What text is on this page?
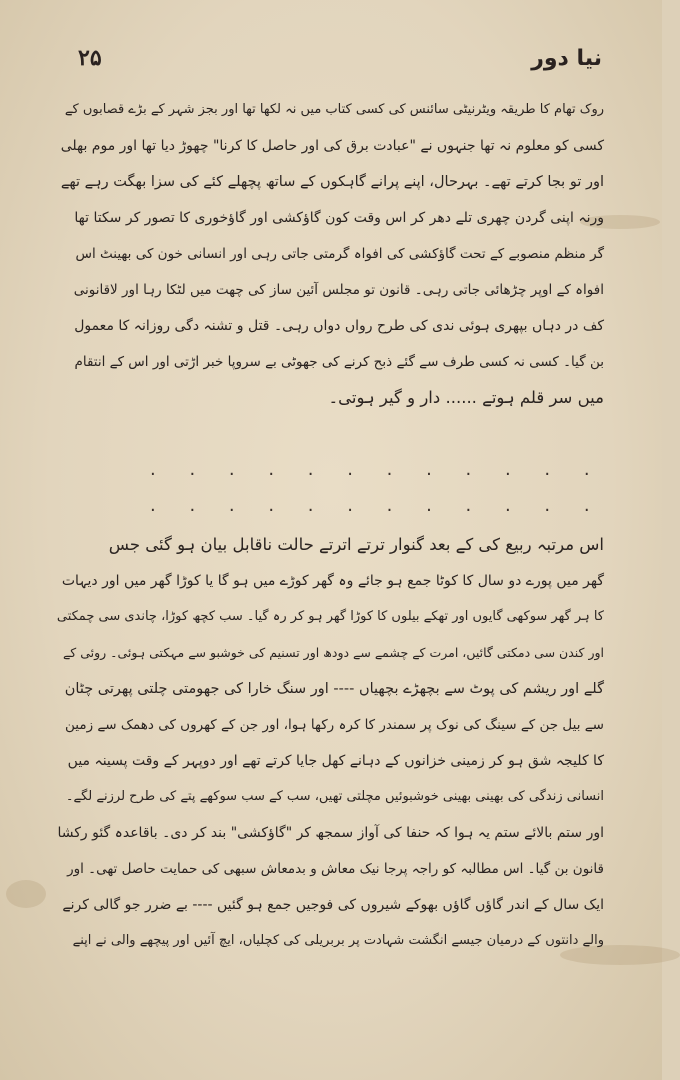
۲۵	نیا دور

روک تھام کا طریقہ ویٹرنیٹی سائنس کی کسی کتاب میں نہ لکھا تھا اور بجز شہر کے بڑے قصابوں کے
کسی کو معلوم نہ تھا جنہوں نے "عبادت برق کی اور حاصل کا کرنا" چھوڑ دیا تھا اور موم بھلی
اور تو بجا کرتے تھے۔ بہرحال، اپنے پرانے گاہکوں کے ساتھ پچھلے کئے کی سزا بھگت رہے تھے
ورنہ اپنی گردن چھری تلے دھر کر اس وقت کون گاؤکشی اور گاؤخوری کا تصور کر سکتا تھا
گر منظم منصوبے کے تحت گاؤکشی کی افواہ گرمتی جاتی رہی اور انسانی خون کی بھینٹ اس
افواہ کے اوپر چڑھائی جاتی رہی۔ قانون تو مجلس آئین ساز کی چھت میں لٹکا رہا اور لاقانونی
کف در دہاں بپھری ہوئی ندی کی طرح رواں دواں رہی۔ قتل و تشنہ دگی روزانہ کا معمول
بن گیا۔ کسی نہ کسی طرف سے گئے ذبح کرنے کی جھوٹی بے سروپا خبر اڑتی اور اس کے انتقام
میں سر قلم ہوتے ...... دار و گیر ہوتی۔

. . . . . . . . . . . .
. . . . . . . . . . . .

اس مرتبہ ربیع کی کے بعد گنوار ترتے اترتے حالت ناقابل بیان ہو گئی جس
گھر میں پورے دو سال کا کوٹا جمع ہو جائے وہ گھر کوڑے میں ہو گا یا کوڑا گھر میں اور دیہات
کا ہر گھر سوکھی گایوں اور تھکے بیلوں کا کوڑا گھر ہو کر رہ گیا۔ سب کچھ کوڑا، چاندی سی چمکتی
اور کندن سی دمکتی گائیں، امرت کے چشمے سے دودھ اور تسنیم کی خوشبو سے مہکتی ہوئی۔ روئی کے
گلے اور ریشم کی پوٹ سے بچھڑے بچھیاں ---- اور سنگ خارا کی جھومتی چلتی پھرتی چٹان
سے بیل جن کے سینگ کی نوک پر سمندر کا کرہ رکھا ہوا، اور جن کے کھروں کی دھمک سے زمین
کا کلیجہ شق ہو کر زمینی خزانوں کے دہانے کھل جایا کرتے تھے اور دوپہر کے وقت پسینہ میں
انسانی زندگی کی بھینی بھینی خوشبوئیں مچلتی تھیں، سب کے سب سوکھے پتے کی طرح لرزنے لگے۔
اور ستم بالائے ستم یہ ہوا کہ حنفا کی آواز سمجھ کر "گاؤکشی" بند کر دی۔ باقاعدہ گئو رکشا
قانون بن گیا۔ اس مطالبہ کو راجہ پرجا نیک معاش و بدمعاش سبھی کی حمایت حاصل تھی۔ اور
ایک سال کے اندر گاؤں گاؤں بھوکے شیروں کی فوجیں جمع ہو گئیں ---- بے ضرر جو گالی کرنے
والے دانتوں کے درمیان جیسے انگشت شہادت پر بربریلی کی کچلیاں، ایچ آئیں اور پیچھے والی نے اپنے
